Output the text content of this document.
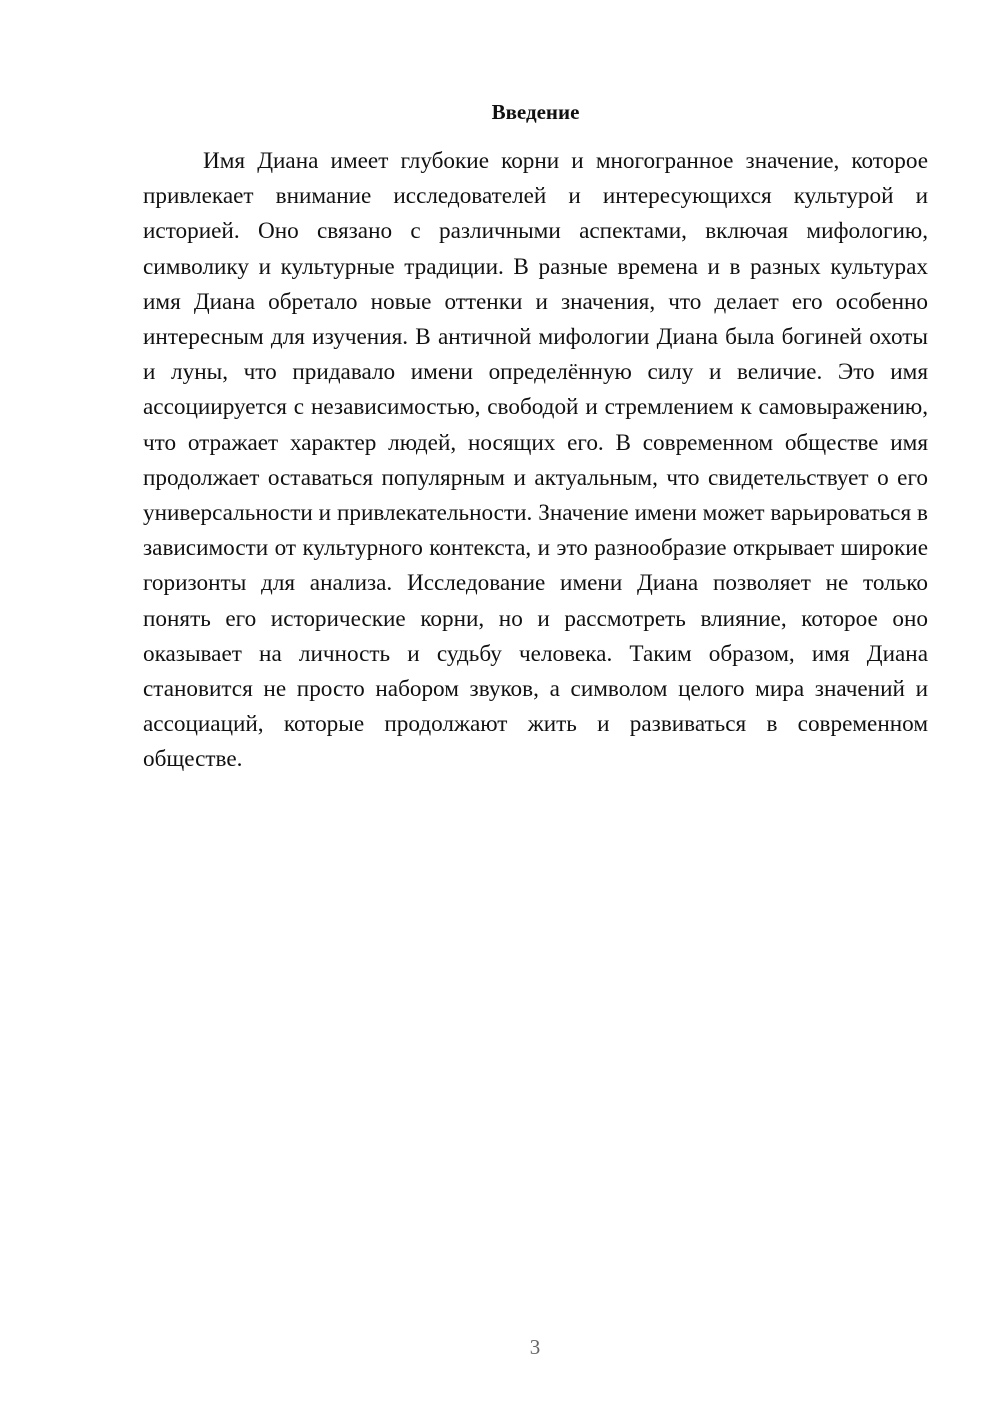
Введение

Имя Диана имеет глубокие корни и многогранное значение, которое привлекает внимание исследователей и интересующихся культурой и историей. Оно связано с различными аспектами, включая мифологию, символику и культурные традиции. В разные времена и в разных культурах имя Диана обретало новые оттенки и значения, что делает его особенно интересным для изучения. В античной мифологии Диана была богиней охоты и луны, что придавало имени определённую силу и величие. Это имя ассоциируется с независимостью, свободой и стремлением к самовыражению, что отражает характер людей, носящих его. В современном обществе имя продолжает оставаться популярным и актуальным, что свидетельствует о его универсальности и привлекательности. Значение имени может варьироваться в зависимости от культурного контекста, и это разнообразие открывает широкие горизонты для анализа. Исследование имени Диана позволяет не только понять его исторические корни, но и рассмотреть влияние, которое оно оказывает на личность и судьбу человека. Таким образом, имя Диана становится не просто набором звуков, а символом целого мира значений и ассоциаций, которые продолжают жить и развиваться в современном обществе.

3
